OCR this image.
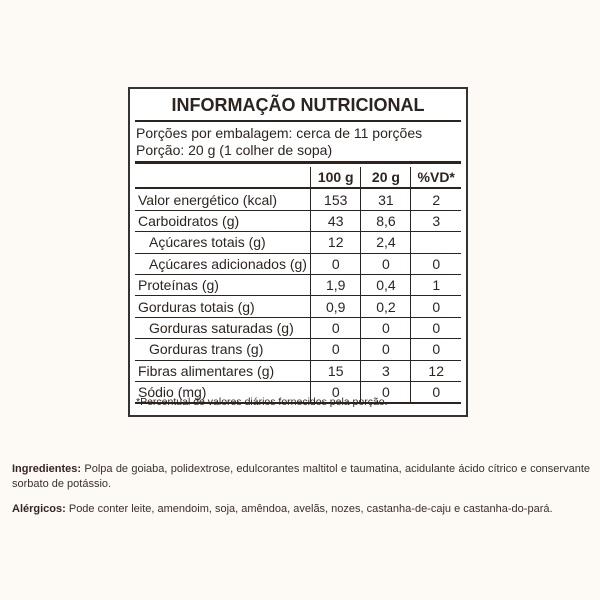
INFORMAÇÃO NUTRICIONAL
Porções por embalagem: cerca de 11 porções
Porção: 20 g (1 colher de sopa)
	100 g	20 g	%VD*
Valor energético (kcal)	153	31	2
Carboidratos (g)	43	8,6	3
Açúcares totais (g)	12	2,4	
Açúcares adicionados (g)	0	0	0
Proteínas (g)	1,9	0,4	1
Gorduras totais (g)	0,9	0,2	0
Gorduras saturadas (g)	0	0	0
Gorduras trans (g)	0	0	0
Fibras alimentares (g)	15	3	12
Sódio (mg)	0	0	0
*Percentual de valores diários fornecidos pela porção.
Ingredientes: Polpa de goiaba, polidextrose, edulcorantes maltitol e taumatina, acidulante ácido cítrico e conservante sorbato de potássio.
Alérgicos: Pode conter leite, amendoim, soja, amêndoa, avelãs, nozes, castanha-de-caju e castanha-do-pará.
